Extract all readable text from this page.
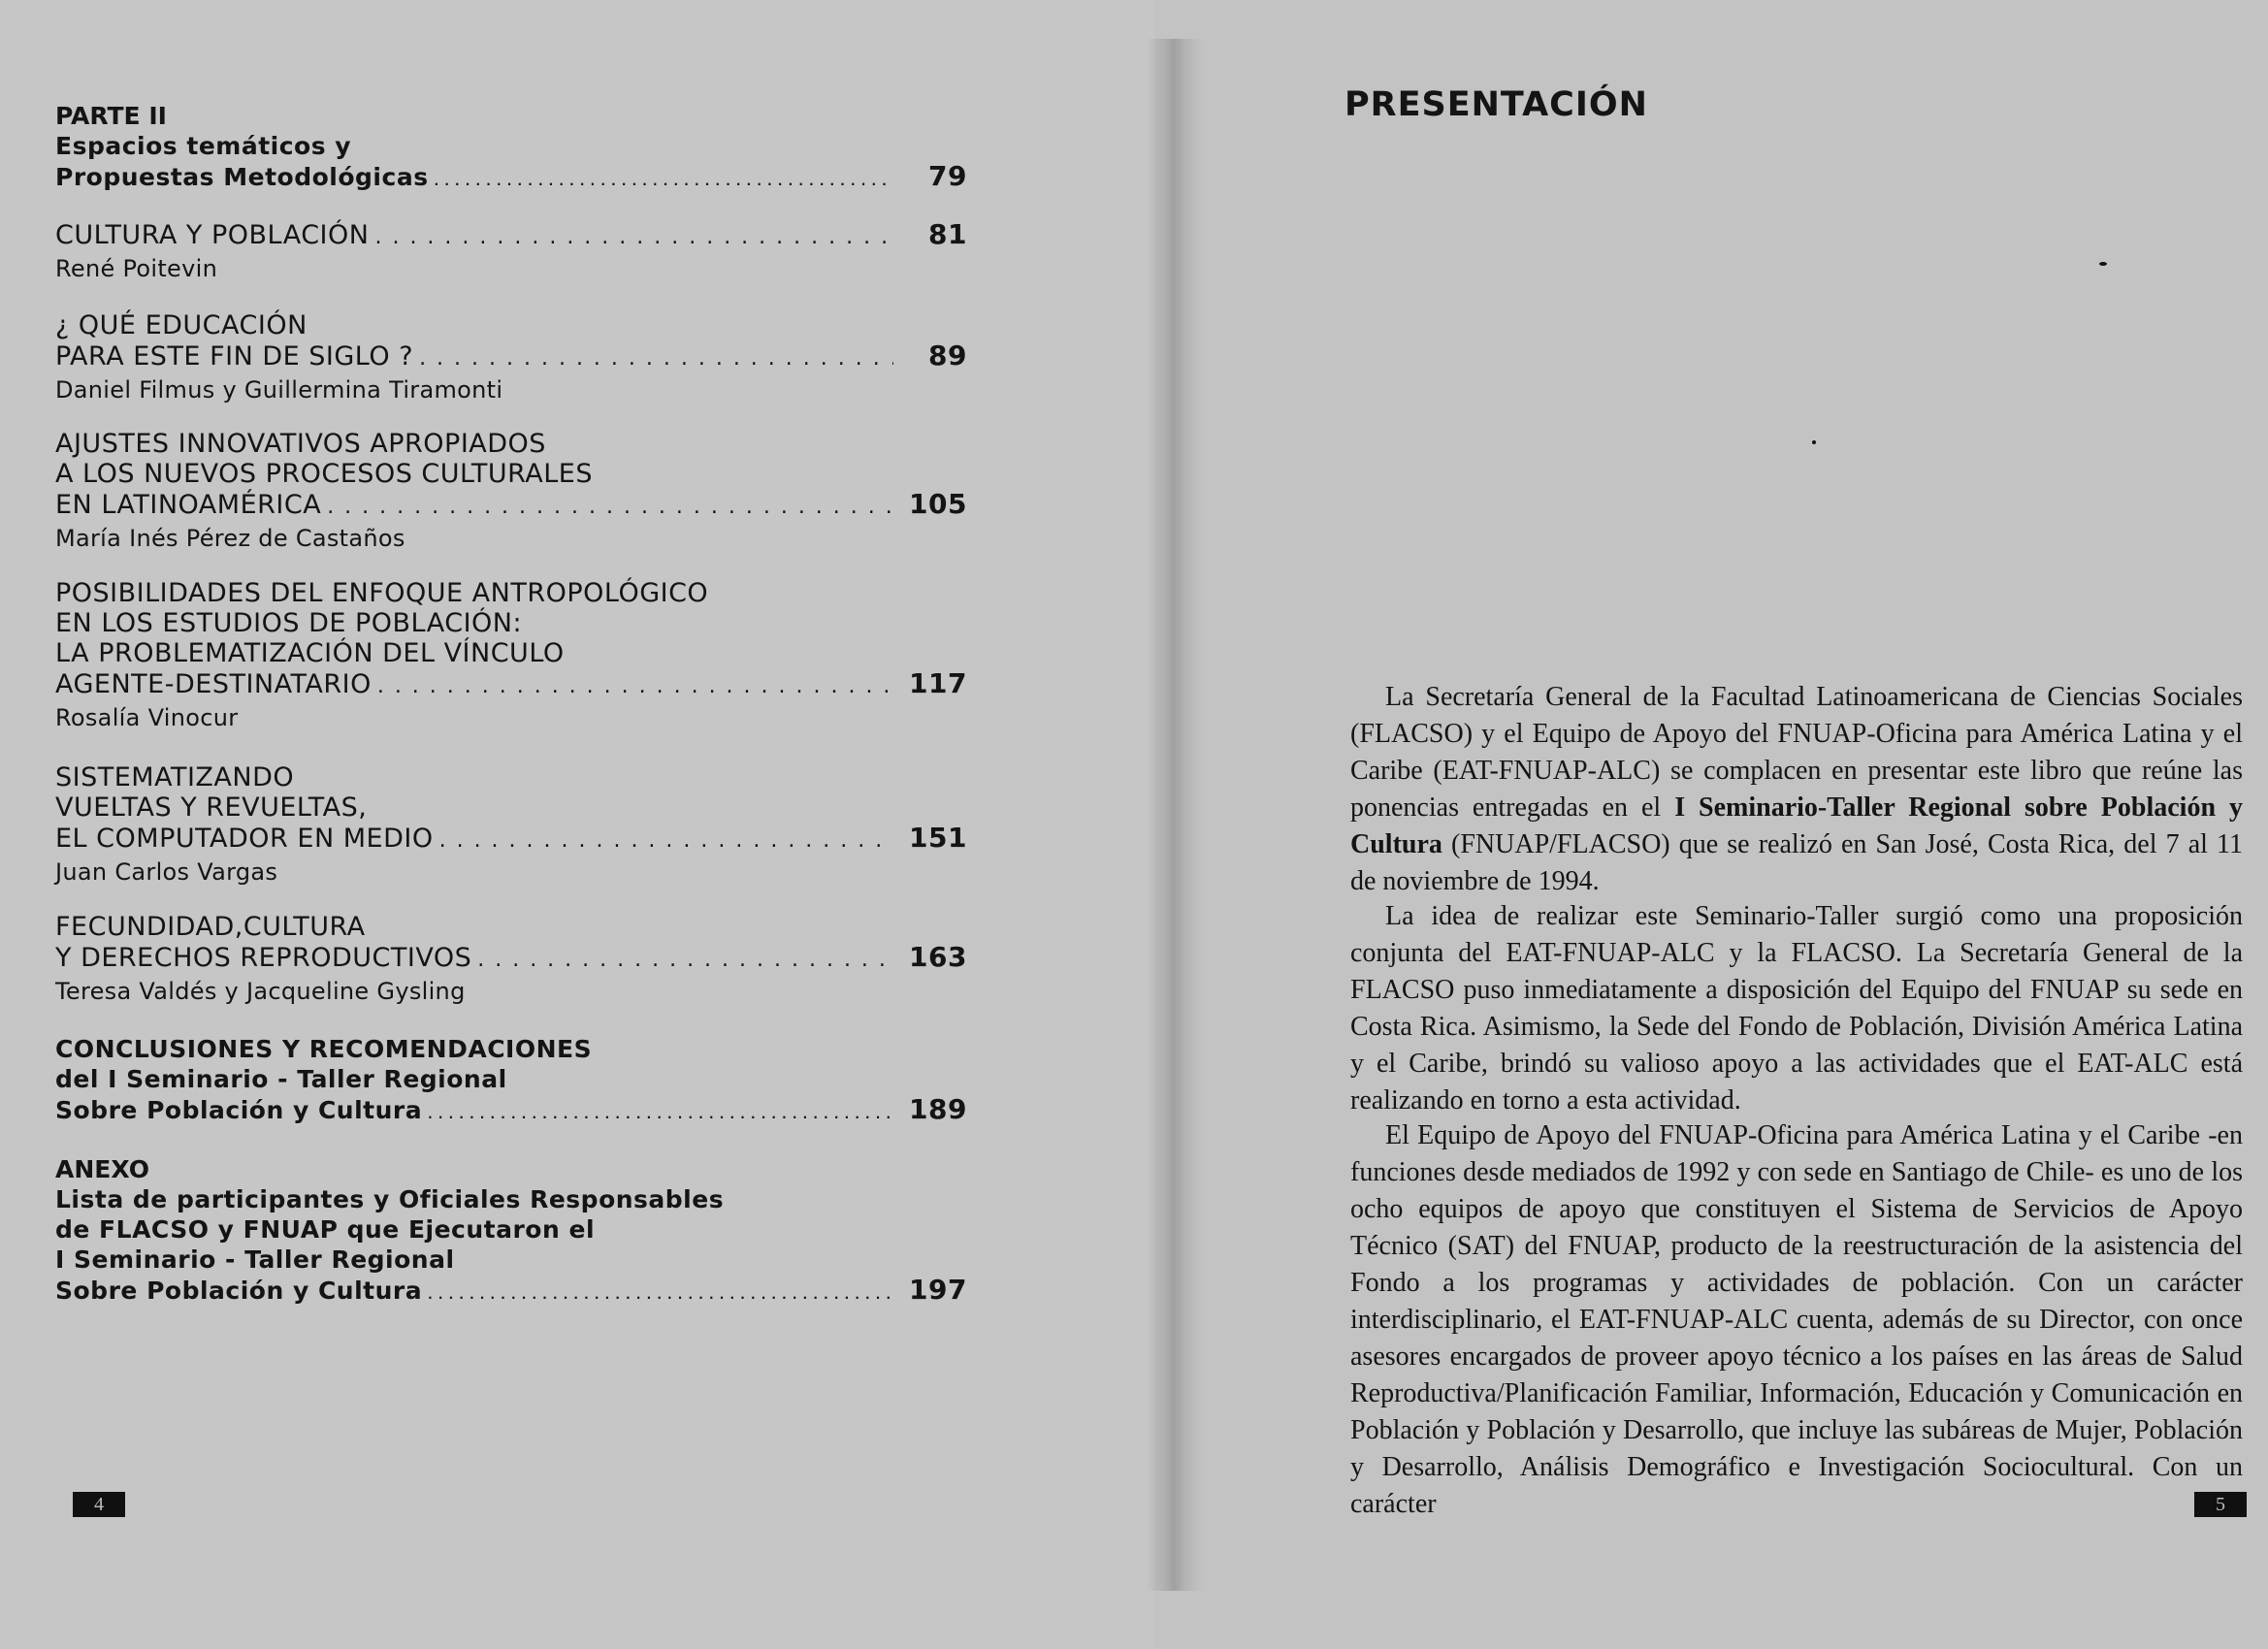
PARTE II
Espacios temáticos y
Propuestas Metodológicas . . .	79
CULTURA Y POBLACIÓN . . .	81
René Poitevin
¿ QUÉ EDUCACIÓN
PARA ESTE FIN DE SIGLO ? . . .	89
Daniel Filmus y Guillermina Tiramonti
AJUSTES INNOVATIVOS APROPIADOS
A LOS NUEVOS PROCESOS CULTURALES
EN LATINOAMÉRICA . . .	105
María Inés Pérez de Castaños
POSIBILIDADES DEL ENFOQUE ANTROPOLÓGICO
EN LOS ESTUDIOS DE POBLACIÓN:
LA PROBLEMATIZACIÓN DEL VÍNCULO
AGENTE-DESTINATARIO . . .	117
Rosalía Vinocur
SISTEMATIZANDO
VUELTAS Y REVUELTAS,
EL COMPUTADOR EN MEDIO . . .	151
Juan Carlos Vargas
FECUNDIDAD,CULTURA
Y DERECHOS REPRODUCTIVOS . . .	163
Teresa Valdés y Jacqueline Gysling
CONCLUSIONES Y RECOMENDACIONES
del I Seminario - Taller Regional
Sobre Población y Cultura . . .	189
ANEXO
Lista de participantes y Oficiales Responsables
de FLACSO y FNUAP que Ejecutaron el
I Seminario - Taller Regional
Sobre Población y Cultura . . .	197
4
PRESENTACIÓN

La Secretaría General de la Facultad Latinoamericana de Ciencias Sociales (FLACSO) y el Equipo de Apoyo del FNUAP-Oficina para América Latina y el Caribe (EAT-FNUAP-ALC) se complacen en presentar este libro que reúne las ponencias entregadas en el I Seminario-Taller Regional sobre Población y Cultura (FNUAP/FLACSO) que se realizó en San José, Costa Rica, del 7 al 11 de noviembre de 1994.

La idea de realizar este Seminario-Taller surgió como una proposición conjunta del EAT-FNUAP-ALC y la FLACSO. La Secretaría General de la FLACSO puso inmediatamente a disposición del Equipo del FNUAP su sede en Costa Rica. Asimismo, la Sede del Fondo de Población, División América Latina y el Caribe, brindó su valioso apoyo a las actividades que el EAT-ALC está realizando en torno a esta actividad.

El Equipo de Apoyo del FNUAP-Oficina para América Latina y el Caribe -en funciones desde mediados de 1992 y con sede en Santiago de Chile- es uno de los ocho equipos de apoyo que constituyen el Sistema de Servicios de Apoyo Técnico (SAT) del FNUAP, producto de la reestructuración de la asistencia del Fondo a los programas y actividades de población. Con un carácter interdisciplinario, el EAT-FNUAP-ALC cuenta, además de su Director, con once asesores encargados de proveer apoyo técnico a los países en las áreas de Salud Reproductiva/Planificación Familiar, Información, Educación y Comunicación en Población y Población y Desarrollo, que incluye las subáreas de Mujer, Población y Desarrollo, Análisis Demográfico e Investigación Sociocultural. Con un carácter	5
